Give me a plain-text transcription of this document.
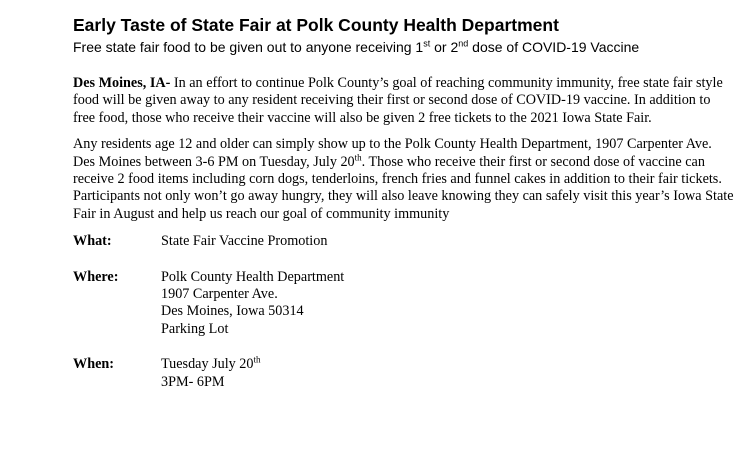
Early Taste of State Fair at Polk County Health Department
Free state fair food to be given out to anyone receiving 1st or 2nd dose of COVID-19 Vaccine

Des Moines, IA- In an effort to continue Polk County’s goal of reaching community immunity, free state fair style food will be given away to any resident receiving their first or second dose of COVID-19 vaccine. In addition to free food, those who receive their vaccine will also be given 2 free tickets to the 2021 Iowa State Fair.

Any residents age 12 and older can simply show up to the Polk County Health Department, 1907 Carpenter Ave. Des Moines between 3-6 PM on Tuesday, July 20th. Those who receive their first or second dose of vaccine can receive 2 food items including corn dogs, tenderloins, french fries and funnel cakes in addition to their fair tickets. Participants not only won’t go away hungry, they will also leave knowing they can safely visit this year’s Iowa State Fair in August and help us reach our goal of community immunity

What:	State Fair Vaccine Promotion
Where:	Polk County Health Department
1907 Carpenter Ave.
Des Moines, Iowa 50314
Parking Lot
When:	Tuesday July 20th
3PM- 6PM
